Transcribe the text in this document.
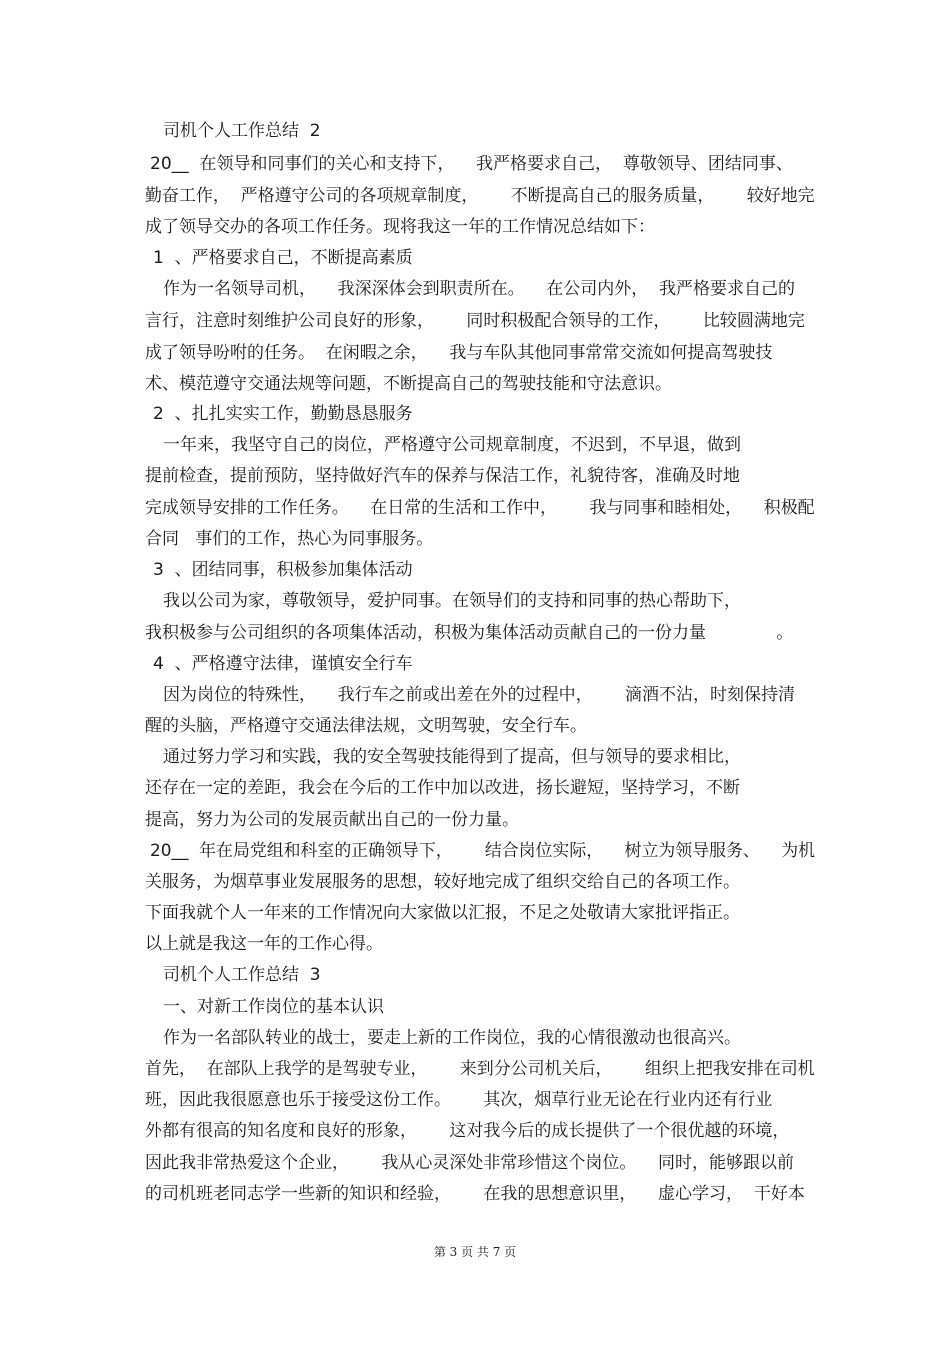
司机个人工作总结  2
20__  在领导和同事们的关心和支持下，    我严格要求自己，  尊敬领导、团结同事、
勤奋工作，  严格遵守公司的各项规章制度，      不断提高自己的服务质量，      较好地完
成了领导交办的各项工作任务。现将我这一年的工作情况总结如下：
1  、严格要求自己，不断提高素质
作为一名领导司机，    我深深体会到职责所在。    在公司内外，  我严格要求自己的
言行，注意时刻维护公司良好的形象，      同时积极配合领导的工作，      比较圆满地完
成了领导吩咐的任务。  在闲暇之余，    我与车队其他同事常常交流如何提高驾驶技
术、模范遵守交通法规等问题，不断提高自己的驾驶技能和守法意识。
2  、扎扎实实工作，勤勤恳恳服务
一年来，我坚守自己的岗位，严格遵守公司规章制度，不迟到，不早退，做到
提前检查，提前预防，坚持做好汽车的保养与保洁工作，礼貌待客，准确及时地
完成领导安排的工作任务。    在日常的生活和工作中，      我与同事和睦相处，    积极配
合同   事们的工作，热心为同事服务。
3  、团结同事，积极参加集体活动
我以公司为家，尊敬领导，爱护同事。在领导们的支持和同事的热心帮助下，
我积极参与公司组织的各项集体活动，积极为集体活动贡献自己的一份力量             。
4  、严格遵守法律，谨慎安全行车
因为岗位的特殊性，    我行车之前或出差在外的过程中，      滴酒不沾，时刻保持清
醒的头脑，严格遵守交通法律法规，文明驾驶，安全行车。
通过努力学习和实践，我的安全驾驶技能得到了提高，但与领导的要求相比，
还存在一定的差距，我会在今后的工作中加以改进，扬长避短，坚持学习，不断
提高，努力为公司的发展贡献出自己的一份力量。
20__  年在局党组和科室的正确领导下，      结合岗位实际，    树立为领导服务、    为机
关服务，为烟草事业发展服务的思想，较好地完成了组织交给自己的各项工作。
下面我就个人一年来的工作情况向大家做以汇报，不足之处敬请大家批评指正。
以上就是我这一年的工作心得。
司机个人工作总结  3
一、对新工作岗位的基本认识
作为一名部队转业的战士，要走上新的工作岗位，我的心情很激动也很高兴。
首先，  在部队上我学的是驾驶专业，      来到分公司机关后，      组织上把我安排在司机
班，因此我很愿意也乐于接受这份工作。      其次，烟草行业无论在行业内还有行业
外都有很高的知名度和良好的形象，      这对我今后的成长提供了一个很优越的环境，
因此我非常热爱这个企业，      我从心灵深处非常珍惜这个岗位。    同时，能够跟以前
的司机班老同志学一些新的知识和经验，      在我的思想意识里，    虚心学习，  干好本
第 3 页 共 7 页
